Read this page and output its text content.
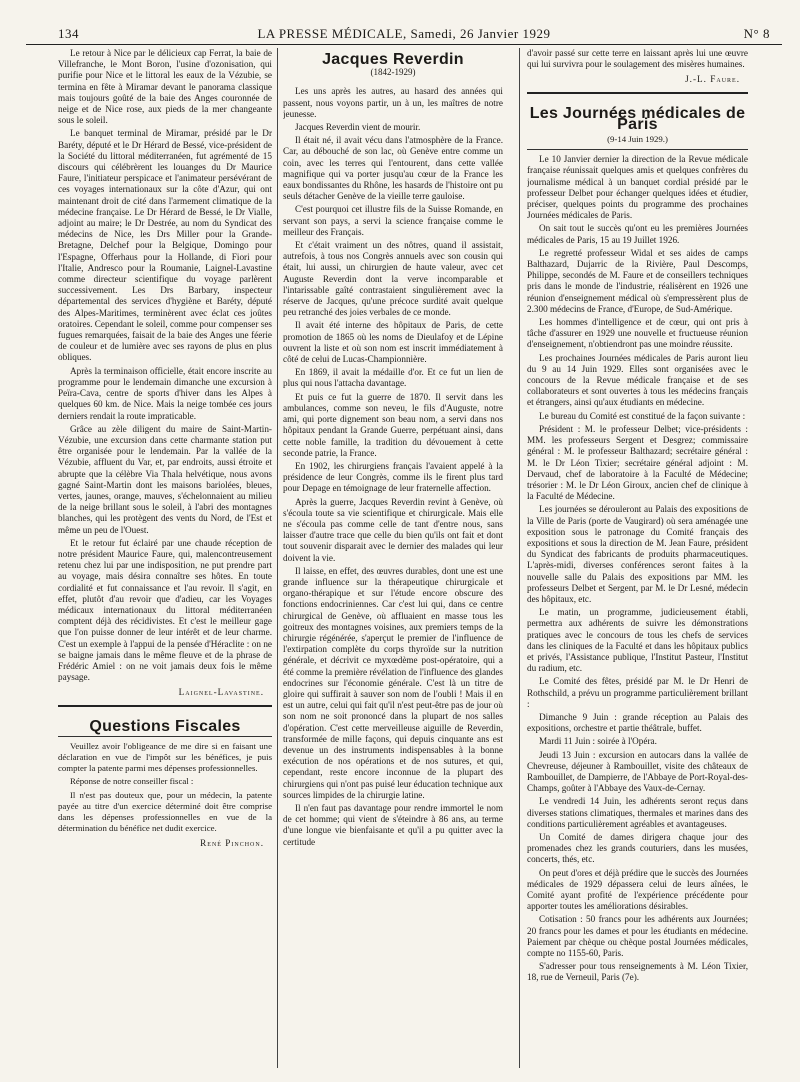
134	LA PRESSE MÉDICALE, Samedi, 26 Janvier 1929	N° 8

Le retour à Nice par le délicieux cap Ferrat, la baie de Villefranche, le Mont Boron, l'usine d'ozonisation, qui purifie pour Nice et le littoral les eaux de la Vézubie, se termina en fête à Miramar devant le panorama classique mais toujours goûté de la baie des Anges couronnée de neige et de Nice rose, aux pieds de la mer changeante sous le soleil.

Le banquet terminal de Miramar, présidé par le Dr Baréty, député et le Dr Hérard de Bessé, vice-président de la Société du littoral méditerranéen, fut agrémenté de 15 discours qui célébrèrent les louanges du Dr Maurice Faure, l'initiateur perspicace et l'animateur persévérant de ces voyages internationaux sur la côte d'Azur, qui ont maintenant droit de cité dans l'armement climatique de la médecine française. Le Dr Hérard de Bessé, le Dr Vialle, adjoint au maire; le Dr Destrée, au nom du Syndicat des médecins de Nice, les Drs Miller pour la Grande-Bretagne, Delchef pour la Belgique, Domingo pour l'Espagne, Offerhaus pour la Hollande, di Fiori pour l'Italie, Andresco pour la Roumanie, Laignel-Lavastine comme directeur scientifique du voyage parlèrent successivement. Les Drs Barbary, inspecteur départemental des services d'hygiène et Baréty, député des Alpes-Maritimes, terminèrent avec éclat ces joûtes oratoires. Cependant le soleil, comme pour compenser ses fugues remarquées, faisait de la baie des Anges une féerie de couleur et de lumière avec ses rayons de plus en plus obliques.

Après la terminaison officielle, était encore inscrite au programme pour le lendemain dimanche une excursion à Peïra-Cava, centre de sports d'hiver dans les Alpes à quelques 60 km. de Nice. Mais la neige tombée ces jours derniers rendait la route impraticable.

Grâce au zèle diligent du maire de Saint-Martin-Vézubie, une excursion dans cette charmante station put être organisée pour le lendemain. Par la vallée de la Vézubie, affluent du Var, et, par endroits, aussi étroite et abrupte que la célèbre Via Thala helvétique, nous avons gagné Saint-Martin dont les maisons bariolées, bleues, vertes, jaunes, orange, mauves, s'échelonnaient au milieu de la neige brillant sous le soleil, à l'abri des montagnes blanches, qui les protègent des vents du Nord, de l'Est et même un peu de l'Ouest.

Et le retour fut éclairé par une chaude réception de notre président Maurice Faure, qui, malencontreusement retenu chez lui par une indisposition, ne put prendre part au voyage, mais désira connaître ses hôtes. En toute cordialité et fut connaissance et l'au revoir. Il s'agit, en effet, plutôt d'au revoir que d'adieu, car les Voyages médicaux internationaux du littoral méditerranéen comptent déjà des récidivistes. Et c'est le meilleur gage que l'on puisse donner de leur intérêt et de leur charme. C'est un exemple à l'appui de la pensée d'Héraclite : on ne se baigne jamais dans le même fleuve et de la phrase de Frédéric Amiel : on ne voit jamais deux fois le même paysage.

Laignel-Lavastine.
Questions Fiscales

Veuillez avoir l'obligeance de me dire si en faisant une déclaration en vue de l'impôt sur les bénéfices, je puis compter la patente parmi mes dépenses professionnelles.

Réponse de notre conseiller fiscal :

Il n'est pas douteux que, pour un médecin, la patente payée au titre d'un exercice déterminé doit être comprise dans les dépenses professionnelles en vue de la détermination du bénéfice net dudit exercice.

René Pinchon.
Jacques Reverdin
(1842-1929)

Les uns après les autres, au hasard des années qui passent, nous voyons partir, un à un, les maîtres de notre jeunesse.

Jacques Reverdin vient de mourir.

Il était né, il avait vécu dans l'atmosphère de la France. Car, au débouché de son lac, où Genève entre comme un coin, avec les terres qui l'entourent, dans cette vallée magnifique qui va porter jusqu'au cœur de la France les eaux bondissantes du Rhône, les hasards de l'histoire ont pu seuls détacher Genève de la vieille terre gauloise.

C'est pourquoi cet illustre fils de la Suisse Romande, en servant son pays, a servi la science française comme le meilleur des Français.

Et c'était vraiment un des nôtres, quand il assistait, autrefois, à tous nos Congrès annuels avec son cousin qui était, lui aussi, un chirurgien de haute valeur, avec cet Auguste Reverdin dont la verve incomparable et l'intarissable gaîté contrastaient singulièrement avec la réserve de Jacques, qu'une précoce surdité avait quelque peu retranché des joies verbales de ce monde.

Il avait été interne des hôpitaux de Paris, de cette promotion de 1865 où les noms de Dieulafoy et de Lépine ouvrent la liste et où son nom est inscrit immédiatement à côté de celui de Lucas-Championnière.

En 1869, il avait la médaille d'or. Et ce fut un lien de plus qui nous l'attacha davantage.

Et puis ce fut la guerre de 1870. Il servit dans les ambulances, comme son neveu, le fils d'Auguste, notre ami, qui porte dignement son beau nom, a servi dans nos hôpitaux pendant la Grande Guerre, perpétuant ainsi, dans cette noble famille, la tradition du dévouement à cette seconde patrie, la France.

En 1902, les chirurgiens français l'avaient appelé à la présidence de leur Congrès, comme ils le firent plus tard pour Depage en témoignage de leur fraternelle affection.

Après la guerre, Jacques Reverdin revint à Genève, où s'écoula toute sa vie scientifique et chirurgicale. Mais elle ne s'écoula pas comme celle de tant d'entre nous, sans laisser d'autre trace que celle du bien qu'ils ont fait et dont tout souvenir disparait avec le dernier des malades qui leur doivent la vie.

Il laisse, en effet, des œuvres durables, dont une est une grande influence sur la thérapeutique chirurgicale et organo-thérapique et sur l'étude encore obscure des fonctions endocriniennes. Car c'est lui qui, dans ce centre chirurgical de Genève, où affluaient en masse tous les goitreux des montagnes voisines, aux premiers temps de la chirurgie régénérée, s'aperçut le premier de l'influence de l'extirpation complète du corps thyroïde sur la nutrition générale, et décrivit ce myxœdème post-opératoire, qui a été comme la première révélation de l'influence des glandes endocrines sur l'économie générale. C'est là un titre de gloire qui suffirait à sauver son nom de l'oubli ! Mais il en est un autre, celui qui fait qu'il n'est peut-être pas de jour où son nom ne soit prononcé dans la plupart de nos salles d'opération. C'est cette merveilleuse aiguille de Reverdin, transformée de mille façons, qui depuis cinquante ans est devenue un des instruments indispensables à la bonne exécution de nos opérations et de nos sutures, et qui, cependant, reste encore inconnue de la plupart des chirurgiens qui n'ont pas puisé leur éducation technique aux sources limpides de la chirurgie latine.

Il n'en faut pas davantage pour rendre immortel le nom de cet homme; qui vient de s'éteindre à 86 ans, au terme d'une longue vie bienfaisante et qu'il a pu quitter avec la certitude

d'avoir passé sur cette terre en laissant après lui une œuvre qui lui survivra pour le soulagement des misères humaines.

J.-L. Faure.
Les Journées médicales de Paris
(9-14 Juin 1929.)

Le 10 Janvier dernier la direction de la Revue médicale française réunissait quelques amis et quelques confrères du journalisme médical à un banquet cordial présidé par le professeur Delbet pour échanger quelques idées et étudier, préciser, quelques points du programme des prochaines Journées médicales de Paris.

On sait tout le succès qu'ont eu les premières Journées médicales de Paris, 15 au 19 Juillet 1926.

Le regretté professeur Widal et ses aides de camps Balthazard, Dujarric de la Rivière, Paul Descomps, Philippe, secondés de M. Faure et de conseillers techniques pris dans le monde de l'industrie, réalisèrent en 1926 une réunion d'enseignement médical où s'empressèrent plus de 2.300 médecins de France, d'Europe, de Sud-Amérique.

Les hommes d'intelligence et de cœur, qui ont pris à tâche d'assurer en 1929 une nouvelle et fructueuse réunion d'enseignement, n'obtiendront pas une moindre réussite.

Les prochaines Journées médicales de Paris auront lieu du 9 au 14 Juin 1929. Elles sont organisées avec le concours de la Revue médicale française et de ses collaborateurs et sont ouvertes à tous les médecins français et étrangers, ainsi qu'aux étudiants en médecine.

Le bureau du Comité est constitué de la façon suivante :

Président : M. le professeur Delbet; vice-présidents : MM. les professeurs Sergent et Desgrez; commissaire général : M. le professeur Balthazard; secrétaire général : M. le Dr Léon Tixier; secrétaire général adjoint : M. Dervaud, chef de laboratoire à la Faculté de Médecine; trésorier : M. le Dr Léon Giroux, ancien chef de clinique à la Faculté de Médecine.

Les journées se dérouleront au Palais des expositions de la Ville de Paris (porte de Vaugirard) où sera aménagée une exposition sous le patronage du Comité français des expositions et sous la direction de M. Jean Faure, président du Syndicat des fabricants de produits pharmaceutiques. L'après-midi, diverses conférences seront faites à la nouvelle salle du Palais des expositions par MM. les professeurs Delbet et Sergent, par M. le Dr Lesné, médecin des hôpitaux, etc.

Le matin, un programme, judicieusement établi, permettra aux adhérents de suivre les démonstrations pratiques avec le concours de tous les chefs de services dans les cliniques de la Faculté et dans les hôpitaux publics et privés, l'Assistance publique, l'Institut Pasteur, l'Institut du radium, etc.

Le Comité des fêtes, présidé par M. le Dr Henri de Rothschild, a prévu un programme particulièrement brillant :

Dimanche 9 Juin : grande réception au Palais des expositions, orchestre et partie théâtrale, buffet.

Mardi 11 Juin : soirée à l'Opéra.

Jeudi 13 Juin : excursion en autocars dans la vallée de Chevreuse, déjeuner à Rambouillet, visite des châteaux de Rambouillet, de Dampierre, de l'Abbaye de Port-Royal-des-Champs, goûter à l'Abbaye des Vaux-de-Cernay.

Le vendredi 14 Juin, les adhérents seront reçus dans diverses stations climatiques, thermales et marines dans des conditions particulièrement agréables et avantageuses.

Un Comité de dames dirigera chaque jour des promenades chez les grands couturiers, dans les musées, concerts, thés, etc.

On peut d'ores et déjà prédire que le succès des Journées médicales de 1929 dépassera celui de leurs aînées, le Comité ayant profité de l'expérience précédente pour apporter toutes les améliorations désirables.

Cotisation : 50 francs pour les adhérents aux Journées; 20 francs pour les dames et pour les étudiants en médecine. Paiement par chèque ou chèque postal Journées médicales, compte no 1155-60, Paris.

S'adresser pour tous renseignements à M. Léon Tixier, 18, rue de Verneuil, Paris (7e).
